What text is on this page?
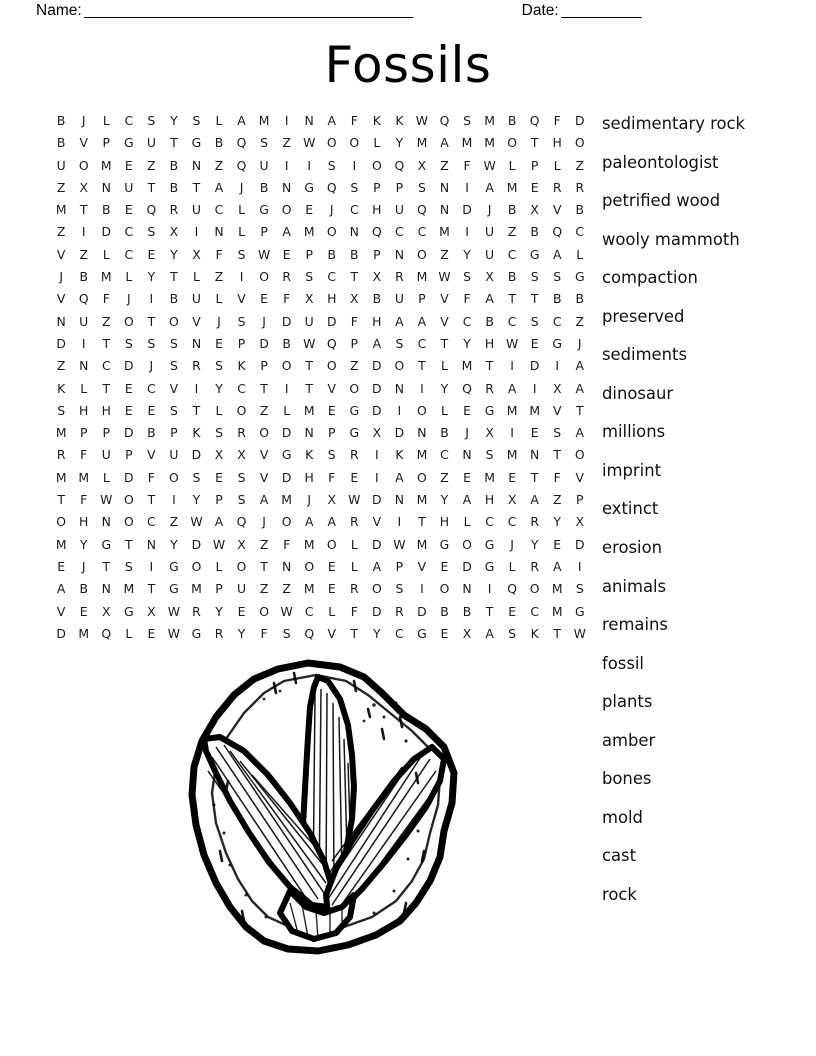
Name: _________________________________________	Date: __________
Fossils
B	J	L	C	S	Y	S	L	A	M	I	N	A	F	K	K W Q	S	M	B	Q	F	D
B	V	P	G	U	T	G	B	Q	S	Z W O	O	L	Y	M	A	M M O	T	H	O
U	O M	E	Z	B	N	Z	Q	U	I	I	S	I	O	Q	X	Z	F	W	L	P	L	Z
Z	X	N	U	T	B	T	A	J	B	N	G	Q	S	P	P	S	N	I	A	M	E	R	R
M	T	B	E	Q	R	U	C	L	G	O	E	J	C	H	U	Q	N	D	J	B	X	V	B
Z	I	D	C	S	X	I	N	L	P	A	M O	N	Q	C	C	M	I	U	Z	B	Q	C
V	Z	L	C	E	Y	X	F	S W E	P	B	B	P	N	O	Z	Y	U	C	G	A	L
J	B	M	L	Y	T	L	Z	I	O	R	S	C	T	X	R	M W S	X	B	S	S	G
V	Q	F	J	I	B	U	L	V	E	F	X	H	X	B	U	P	V	F	A	T	T	B	B
N	U	Z	O	T	O	V	J	S	J	D	U	D	F	H	A	A	V	C	B	C	S	C	Z
D	I	T	S	S	S	N	E	P	D	B W Q	P	A	S	C	T	Y	H W E	G	J
Z	N	C	D	J	S	R	S	K	P	O	T	O	Z	D	O	T	L	M	T	I	D	I	A
K	L	T	E	C	V	I	Y	C	T	I	T	V	O	D	N	I	Y	Q	R	A	I	X	A
S	H	H	E	E	S	T	L	O	Z	L	M	E	G	D	I	O	L	E	G M M	V	T
M	P	P	D	B	P	K	S	R	O	D	N	P	G	X	D	N	B	J	X	I	E	S	A
R	F	U	P	V	U	D	X	X	V	G	K	S	R	I	K	M	C	N	S	M N	T	O
M M	L	D	F	O	S	E	S	V	D	H	F	E	I	A	O	Z	E	M	E	T	F	V
T	F	W O	T	I	Y	P	S	A	M	J	X W D	N M	Y	A	H	X	A	Z	P
O	H	N	O	C	Z W A	Q	J	O	A	A	R	V	I	T	H	L	C	C	R	Y	X
M	Y	G	T	N	Y	D W X	Z	F	M O	L	D W M G	O	G	J	Y	E	D
E	J	T	S	I	G	O	L	O	T	N	O	E	L	A	P	V	E	D	G	L	R	A	I
A	B	N M	T	G M	P	U	Z	Z	M	E	R	O	S	I	O	N	I	Q	O M	S
V	E	X	G	X W R	Y	E	O W C	L	F	D	R	D	B	B	T	E	C	M G
D M Q	L	E W G	R	Y	F	S	Q	V	T	Y	C	G	E	X	A	S	K	T	W
sedimentary rock
paleontologist
petrified wood
wooly mammoth
compaction
preserved
sediments
dinosaur
millions
imprint
extinct
erosion
animals
remains
fossil
plants
amber
bones
mold
cast
rock
